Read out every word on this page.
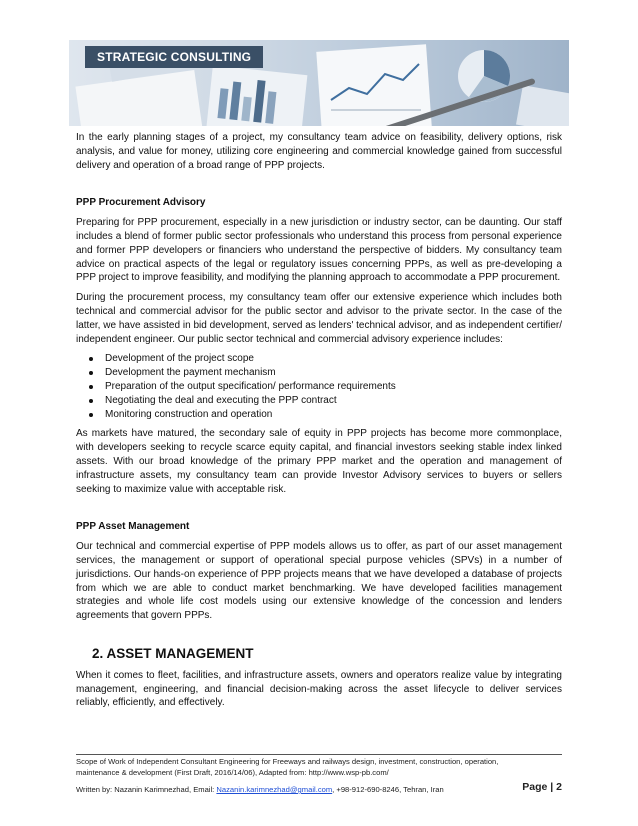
STRATEGIC CONSULTING

In the early planning stages of a project, my consultancy team advice on feasibility, delivery options, risk analysis, and value for money, utilizing core engineering and commercial knowledge gained from successful delivery and operation of a broad range of PPP projects.

PPP Procurement Advisory

Preparing for PPP procurement, especially in a new jurisdiction or industry sector, can be daunting. Our staff includes a blend of former public sector professionals who understand this process from personal experience and former PPP developers or financiers who understand the perspective of bidders. My consultancy team advice on practical aspects of the legal or regulatory issues concerning PPPs, as well as pre-developing a PPP project to improve feasibility, and modifying the planning approach to accommodate a PPP procurement.

During the procurement process, my consultancy team offer our extensive experience which includes both technical and commercial advisor for the public sector and advisor to the private sector. In the case of the latter, we have assisted in bid development, served as lenders' technical advisor, and as independent certifier/ independent engineer. Our public sector technical and commercial advisory experience includes:

Development of the project scope
Development the payment mechanism
Preparation of the output specification/ performance requirements
Negotiating the deal and executing the PPP contract
Monitoring construction and operation

As markets have matured, the secondary sale of equity in PPP projects has become more commonplace, with developers seeking to recycle scarce equity capital, and financial investors seeking stable index linked assets. With our broad knowledge of the primary PPP market and the operation and management of infrastructure assets, my consultancy team can provide Investor Advisory services to buyers or sellers seeking to maximize value with acceptable risk.

PPP Asset Management

Our technical and commercial expertise of PPP models allows us to offer, as part of our asset management services, the management or support of operational special purpose vehicles (SPVs) in a number of jurisdictions. Our hands-on experience of PPP projects means that we have developed a database of projects from which we are able to conduct market benchmarking. We have developed facilities management strategies and whole life cost models using our extensive knowledge of the concession and lenders agreements that govern PPPs.

2. ASSET MANAGEMENT

When it comes to fleet, facilities, and infrastructure assets, owners and operators realize value by integrating management, engineering, and financial decision-making across the asset lifecycle to deliver services reliably, efficiently, and effectively.

Scope of Work of Independent Consultant Engineering for Freeways and railways design, investment, construction, operation,
maintenance & development (First Draft, 2016/14/06), Adapted from: http://www.wsp-pb.com/
Written by: Nazanin Karimnezhad, Email: Nazanin.karimnezhad@gmail.com, +98-912-690-8246, Tehran, Iran	Page | 2
